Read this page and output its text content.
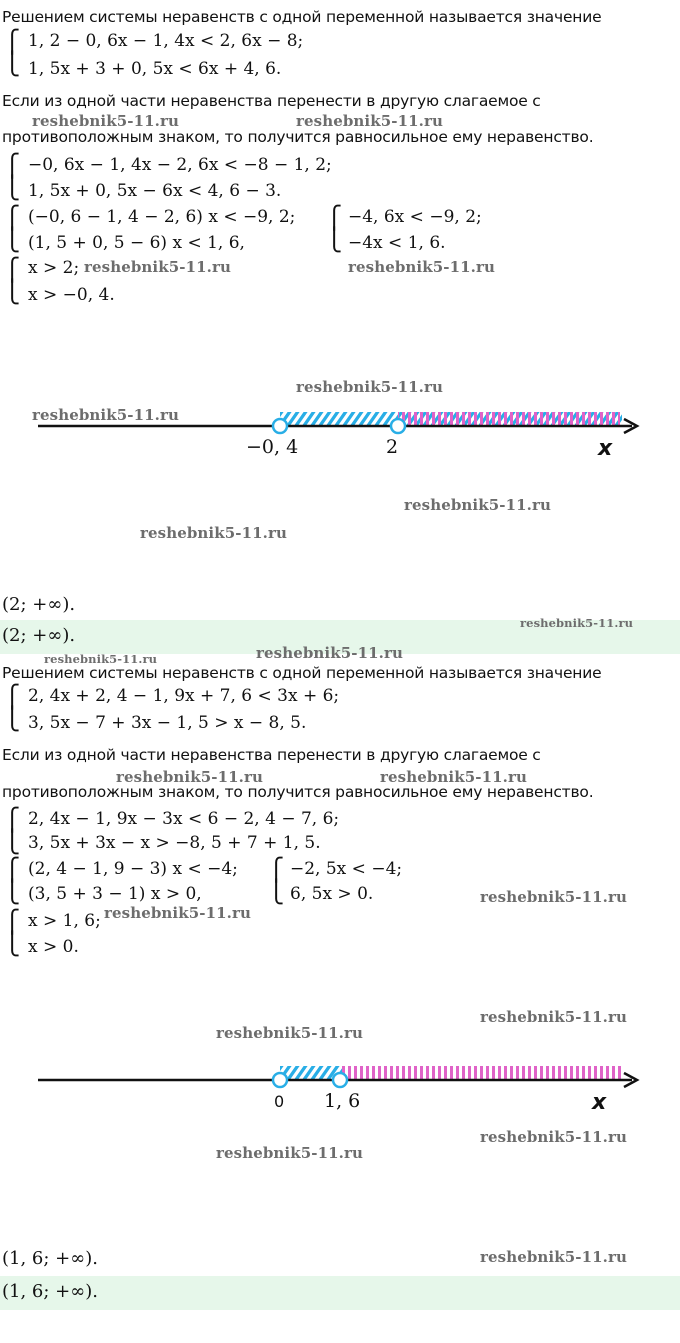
Решением системы неравенств с одной переменной называется значение
⎧
⎩
1, 2 − 0, 6x − 1, 4x < 2, 6x − 8;
1, 5x + 3 + 0, 5x < 6x + 4, 6.
Если из одной части неравенства перенести в другую слагаемое с
reshebnik5-11.ru	reshebnik5-11.ru
противоположным знаком, то получится равносильное ему неравенство.
⎧
⎩
−0, 6x − 1, 4x − 2, 6x < −8 − 1, 2;
1, 5x + 0, 5x − 6x < 4, 6 − 3.
⎧
⎩
(−0, 6 − 1, 4 − 2, 6) x < −9, 2;
(1, 5 + 0, 5 − 6) x < 1, 6,
⎧
⎩
−4, 6x < −9, 2;
−4x < 1, 6.
⎧
⎩
x > 2; reshebnik5-11.ru	reshebnik5-11.ru
x > −0, 4.
reshebnik5-11.ru
reshebnik5-11.ru
−0, 4	2	x
reshebnik5-11.ru
reshebnik5-11.ru
(2; +∞).
(2; +∞).
reshebnik5-11.ru
reshebnik5-11.ru	reshebnik5-11.ru
Решением системы неравенств с одной переменной называется значение
⎧
⎩
2, 4x + 2, 4 − 1, 9x + 7, 6 < 3x + 6;
3, 5x − 7 + 3x − 1, 5 > x − 8, 5.
Если из одной части неравенства перенести в другую слагаемое с
reshebnik5-11.ru	reshebnik5-11.ru
противоположным знаком, то получится равносильное ему неравенство.
⎧
⎩
2, 4x − 1, 9x − 3x < 6 − 2, 4 − 7, 6;
3, 5x + 3x − x > −8, 5 + 7 + 1, 5.
⎧
⎩
(2, 4 − 1, 9 − 3) x < −4;
(3, 5 + 3 − 1) x > 0,
⎧
⎩
−2, 5x < −4;
6, 5x > 0.	reshebnik5-11.ru
⎧
⎩
x > 1, 6; reshebnik5-11.ru
x > 0.
reshebnik5-11.ru
reshebnik5-11.ru
0 1, 6	x
reshebnik5-11.ru
reshebnik5-11.ru
(1, 6; +∞).	reshebnik5-11.ru
(1, 6; +∞).
